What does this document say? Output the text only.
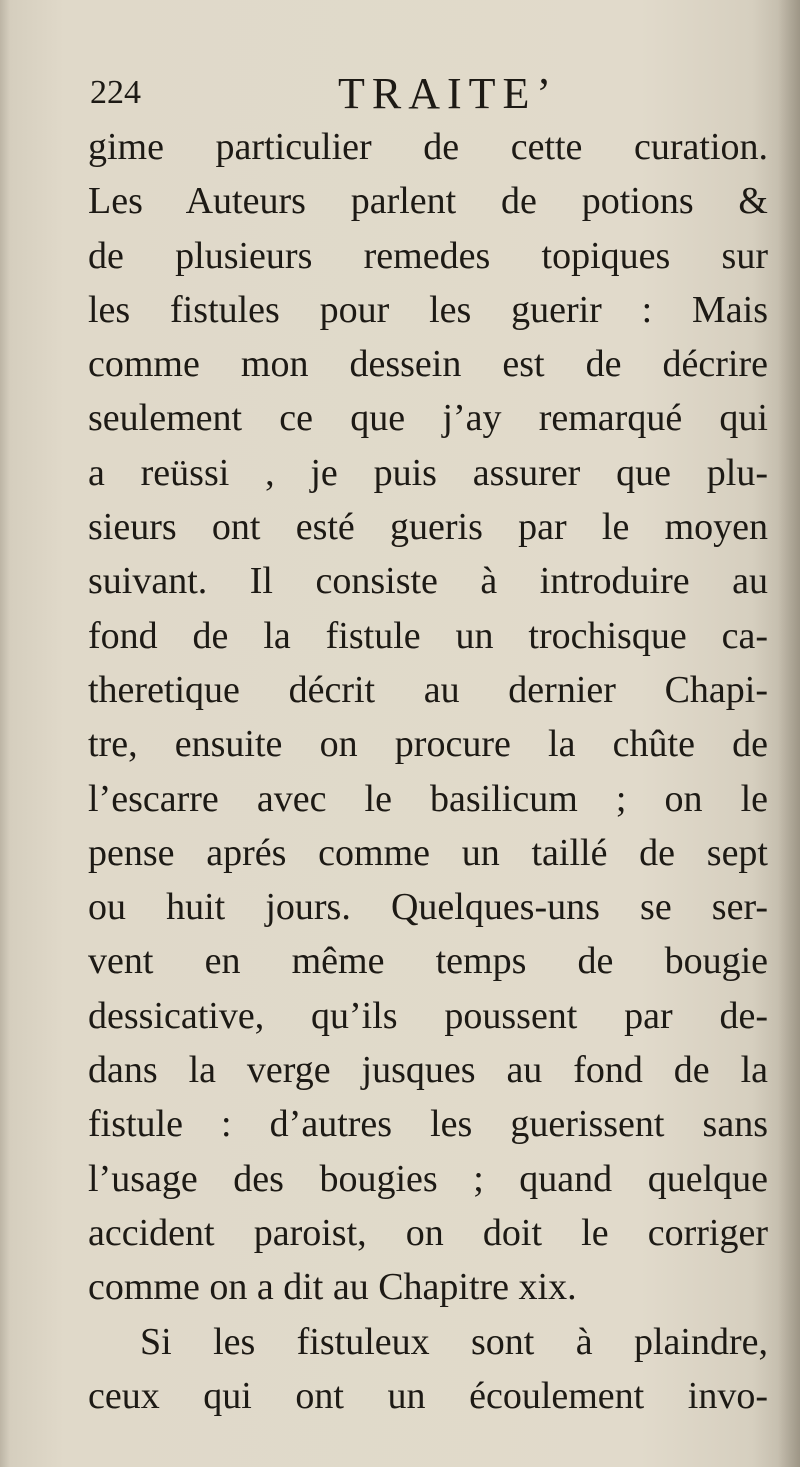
224	TRAITE’
gime particulier de cette curation.
Les Auteurs parlent de potions &
de plusieurs remedes topiques sur
les fistules pour les guerir : Mais
comme mon dessein est de décrire
seulement ce que j’ay remarqué qui
a reüssi , je puis assurer que plu-
sieurs ont esté gueris par le moyen
suivant. Il consiste à introduire au
fond de la fistule un trochisque ca-
theretique décrit au dernier Chapi-
tre, ensuite on procure la chûte de
l’escarre avec le basilicum ; on le
pense aprés comme un taillé de sept
ou huit jours. Quelques-uns se ser-
vent en même temps de bougie
dessicative, qu’ils poussent par de-
dans la verge jusques au fond de la
fistule : d’autres les guerissent sans
l’usage des bougies ; quand quelque
accident paroist, on doit le corriger
comme on a dit au Chapitre xix.
Si les fistuleux sont à plaindre,
ceux qui ont un écoulement invo-
